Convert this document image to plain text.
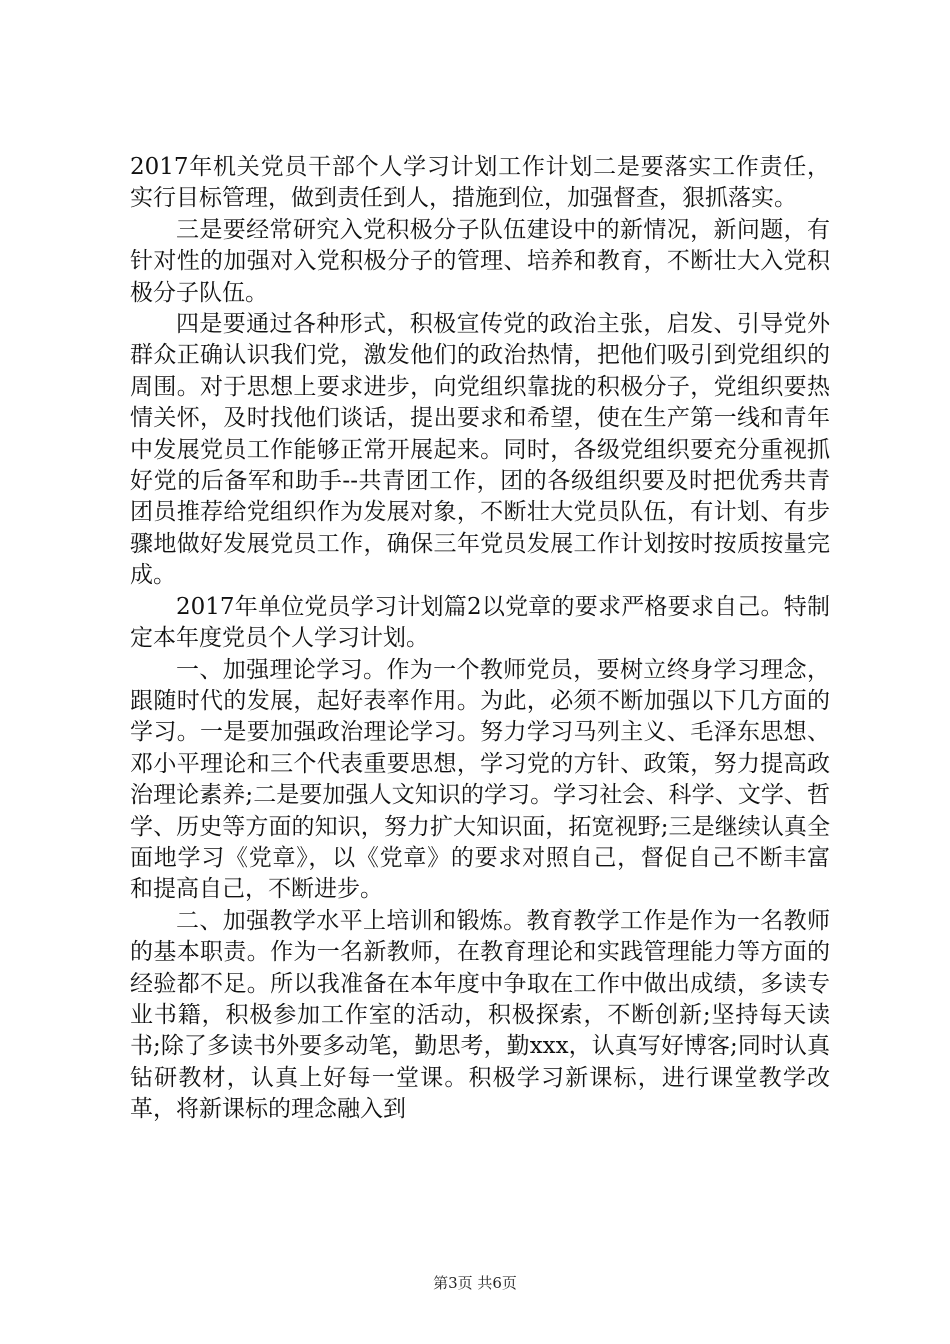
2017年机关党员干部个人学习计划工作计划二是要落实工作责任，实行目标管理，做到责任到人，措施到位，加强督查，狠抓落实。

三是要经常研究入党积极分子队伍建设中的新情况，新问题，有针对性的加强对入党积极分子的管理、培养和教育，不断壮大入党积极分子队伍。

四是要通过各种形式，积极宣传党的政治主张，启发、引导党外群众正确认识我们党，激发他们的政治热情，把他们吸引到党组织的周围。对于思想上要求进步，向党组织靠拢的积极分子，党组织要热情关怀，及时找他们谈话，提出要求和希望，使在生产第一线和青年中发展党员工作能够正常开展起来。同时，各级党组织要充分重视抓好党的后备军和助手--共青团工作，团的各级组织要及时把优秀共青团员推荐给党组织作为发展对象，不断壮大党员队伍，有计划、有步骤地做好发展党员工作，确保三年党员发展工作计划按时按质按量完成。

2017年单位党员学习计划篇2以党章的要求严格要求自己。特制定本年度党员个人学习计划。

一、加强理论学习。作为一个教师党员，要树立终身学习理念，跟随时代的发展，起好表率作用。为此，必须不断加强以下几方面的学习。一是要加强政治理论学习。努力学习马列主义、毛泽东思想、邓小平理论和三个代表重要思想，学习党的方针、政策，努力提高政治理论素养;二是要加强人文知识的学习。学习社会、科学、文学、哲学、历史等方面的知识，努力扩大知识面，拓宽视野;三是继续认真全面地学习《党章》，以《党章》的要求对照自己，督促自己不断丰富和提高自己，不断进步。

二、加强教学水平上培训和锻炼。教育教学工作是作为一名教师的基本职责。作为一名新教师，在教育理论和实践管理能力等方面的经验都不足。所以我准备在本年度中争取在工作中做出成绩，多读专业书籍，积极参加工作室的活动，积极探索，不断创新;坚持每天读书;除了多读书外要多动笔，勤思考，勤xxx，认真写好博客;同时认真钻研教材，认真上好每一堂课。积极学习新课标，进行课堂教学改革，将新课标的理念融入到

第3页 共6页
